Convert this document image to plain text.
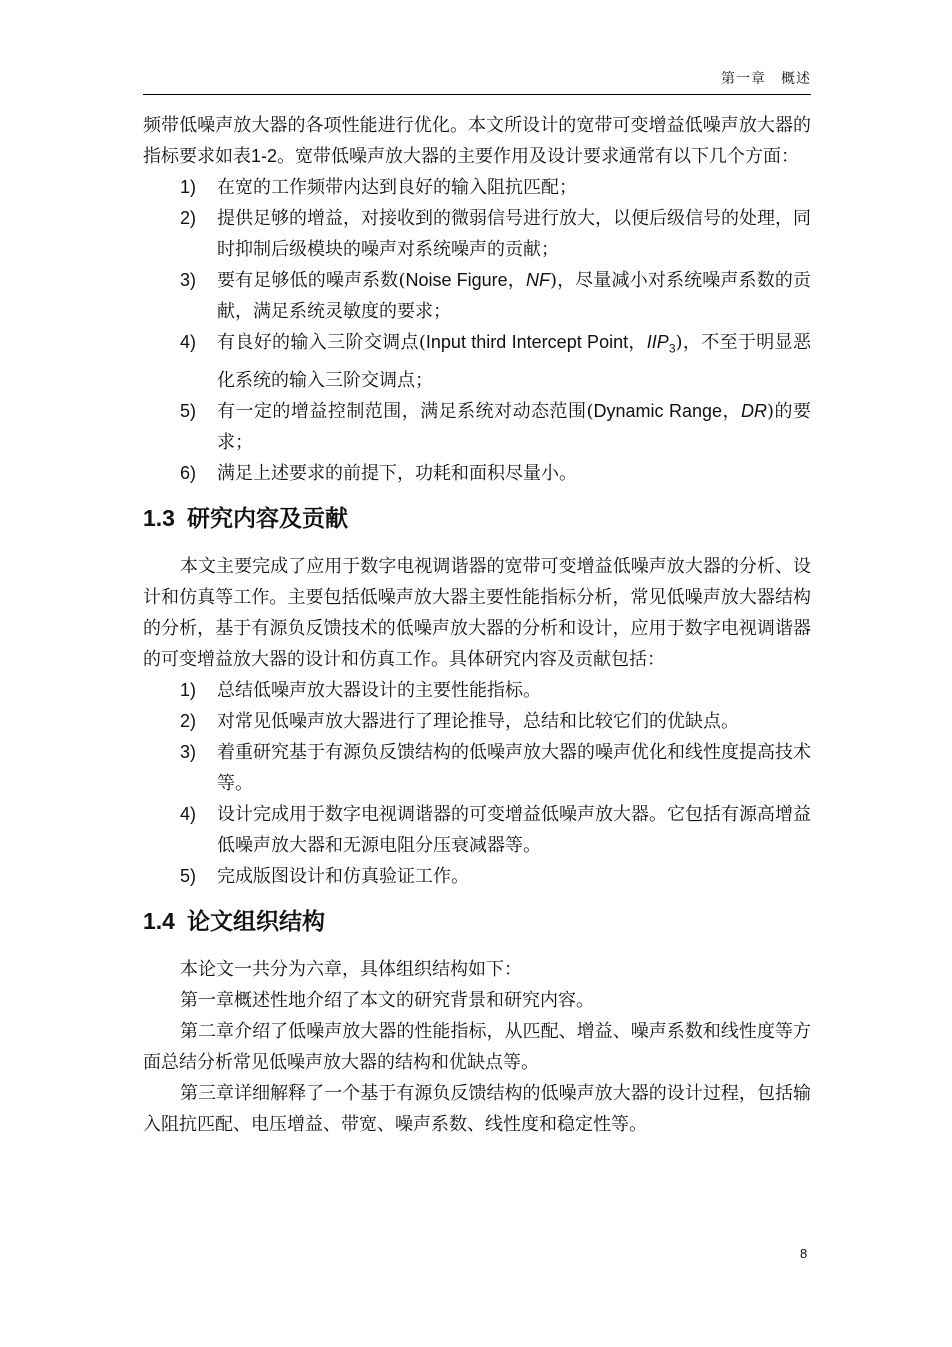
第一章　概述

频带低噪声放大器的各项性能进行优化。本文所设计的宽带可变增益低噪声放大器的指标要求如表1-2。宽带低噪声放大器的主要作用及设计要求通常有以下几个方面：

1) 在宽的工作频带内达到良好的输入阻抗匹配；
2) 提供足够的增益，对接收到的微弱信号进行放大，以便后级信号的处理，同时抑制后级模块的噪声对系统噪声的贡献；
3) 要有足够低的噪声系数(Noise Figure，NF)，尽量减小对系统噪声系数的贡献，满足系统灵敏度的要求；
4) 有良好的输入三阶交调点(Input third Intercept Point，$IIP_3$)，不至于明显恶化系统的输入三阶交调点；
5) 有一定的增益控制范围，满足系统对动态范围(Dynamic Range，DR)的要求；
6) 满足上述要求的前提下，功耗和面积尽量小。
1.3 研究内容及贡献

本文主要完成了应用于数字电视调谐器的宽带可变增益低噪声放大器的分析、设计和仿真等工作。主要包括低噪声放大器主要性能指标分析，常见低噪声放大器结构的分析，基于有源负反馈技术的低噪声放大器的分析和设计，应用于数字电视调谐器的可变增益放大器的设计和仿真工作。具体研究内容及贡献包括：

1) 总结低噪声放大器设计的主要性能指标。
2) 对常见低噪声放大器进行了理论推导，总结和比较它们的优缺点。
3) 着重研究基于有源负反馈结构的低噪声放大器的噪声优化和线性度提高技术等。
4) 设计完成用于数字电视调谐器的可变增益低噪声放大器。它包括有源高增益低噪声放大器和无源电阻分压衰减器等。
5) 完成版图设计和仿真验证工作。
1.4 论文组织结构

本论文一共分为六章，具体组织结构如下：

第一章概述性地介绍了本文的研究背景和研究内容。

第二章介绍了低噪声放大器的性能指标，从匹配、增益、噪声系数和线性度等方面总结分析常见低噪声放大器的结构和优缺点等。

第三章详细解释了一个基于有源负反馈结构的低噪声放大器的设计过程，包括输入阻抗匹配、电压增益、带宽、噪声系数、线性度和稳定性等。

8
